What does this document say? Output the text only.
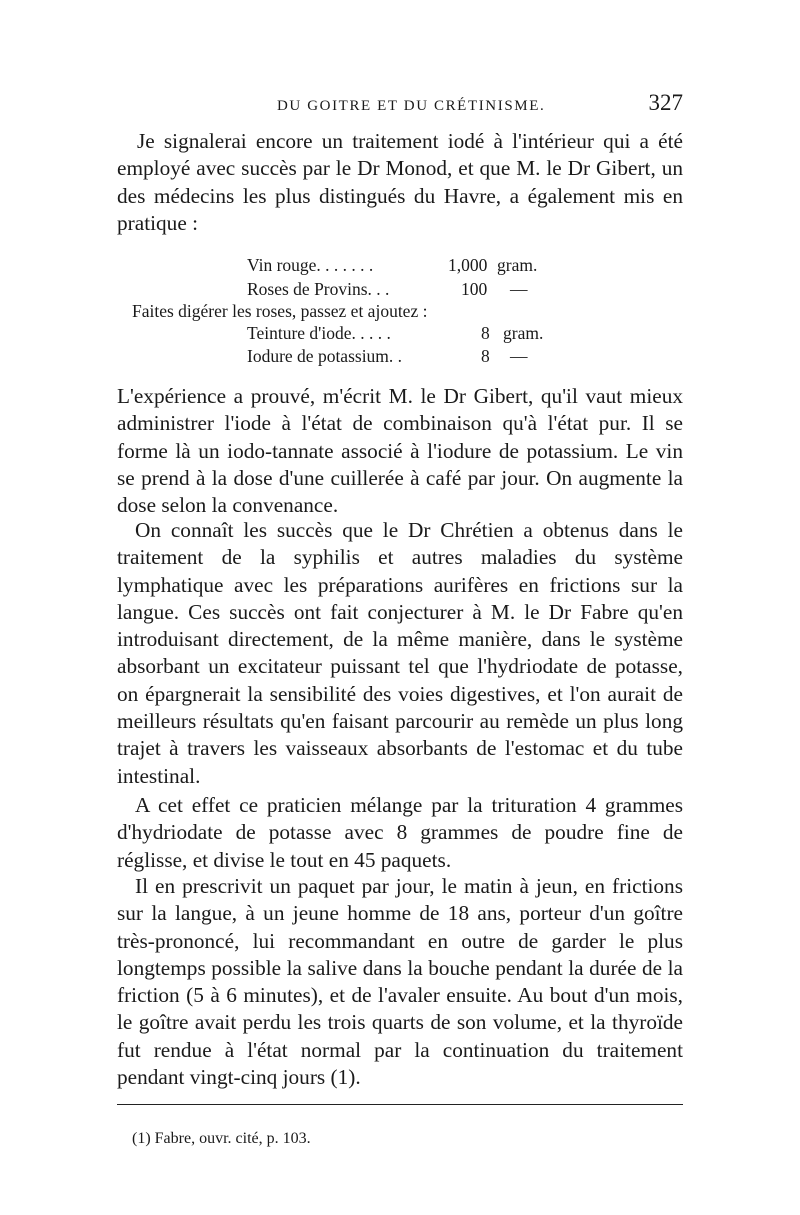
DU GOITRE ET DU CRÉTINISME.	327

Je signalerai encore un traitement iodé à l'intérieur qui a été employé avec succès par le Dr Monod, et que M. le Dr Gibert, un des médecins les plus distingués du Havre, a également mis en pratique :

Vin rouge. . . . . . .	1,000 gram.
Roses de Provins. . .	100 —
Faites digérer les roses, passez et ajoutez :
Teinture d'iode. . . . .	8 gram.
Iodure de potassium. .	8 —

L'expérience a prouvé, m'écrit M. le Dr Gibert, qu'il vaut mieux administrer l'iode à l'état de combinaison qu'à l'état pur. Il se forme là un iodo-tannate associé à l'iodure de potassium. Le vin se prend à la dose d'une cuillerée à café par jour. On augmente la dose selon la convenance.

On connaît les succès que le Dr Chrétien a obtenus dans le traitement de la syphilis et autres maladies du système lymphatique avec les préparations aurifères en frictions sur la langue. Ces succès ont fait conjecturer à M. le Dr Fabre qu'en introduisant directement, de la même manière, dans le système absorbant un excitateur puissant tel que l'hydriodate de potasse, on épargnerait la sensibilité des voies digestives, et l'on aurait de meilleurs résultats qu'en faisant parcourir au remède un plus long trajet à travers les vaisseaux absorbants de l'estomac et du tube intestinal.

A cet effet ce praticien mélange par la trituration 4 grammes d'hydriodate de potasse avec 8 grammes de poudre fine de réglisse, et divise le tout en 45 paquets.

Il en prescrivit un paquet par jour, le matin à jeun, en frictions sur la langue, à un jeune homme de 18 ans, porteur d'un goître très-prononcé, lui recommandant en outre de garder le plus longtemps possible la salive dans la bouche pendant la durée de la friction (5 à 6 minutes), et de l'avaler ensuite. Au bout d'un mois, le goître avait perdu les trois quarts de son volume, et la thyroïde fut rendue à l'état normal par la continuation du traitement pendant vingt-cinq jours (1).

(1) Fabre, ouvr. cité, p. 103.
